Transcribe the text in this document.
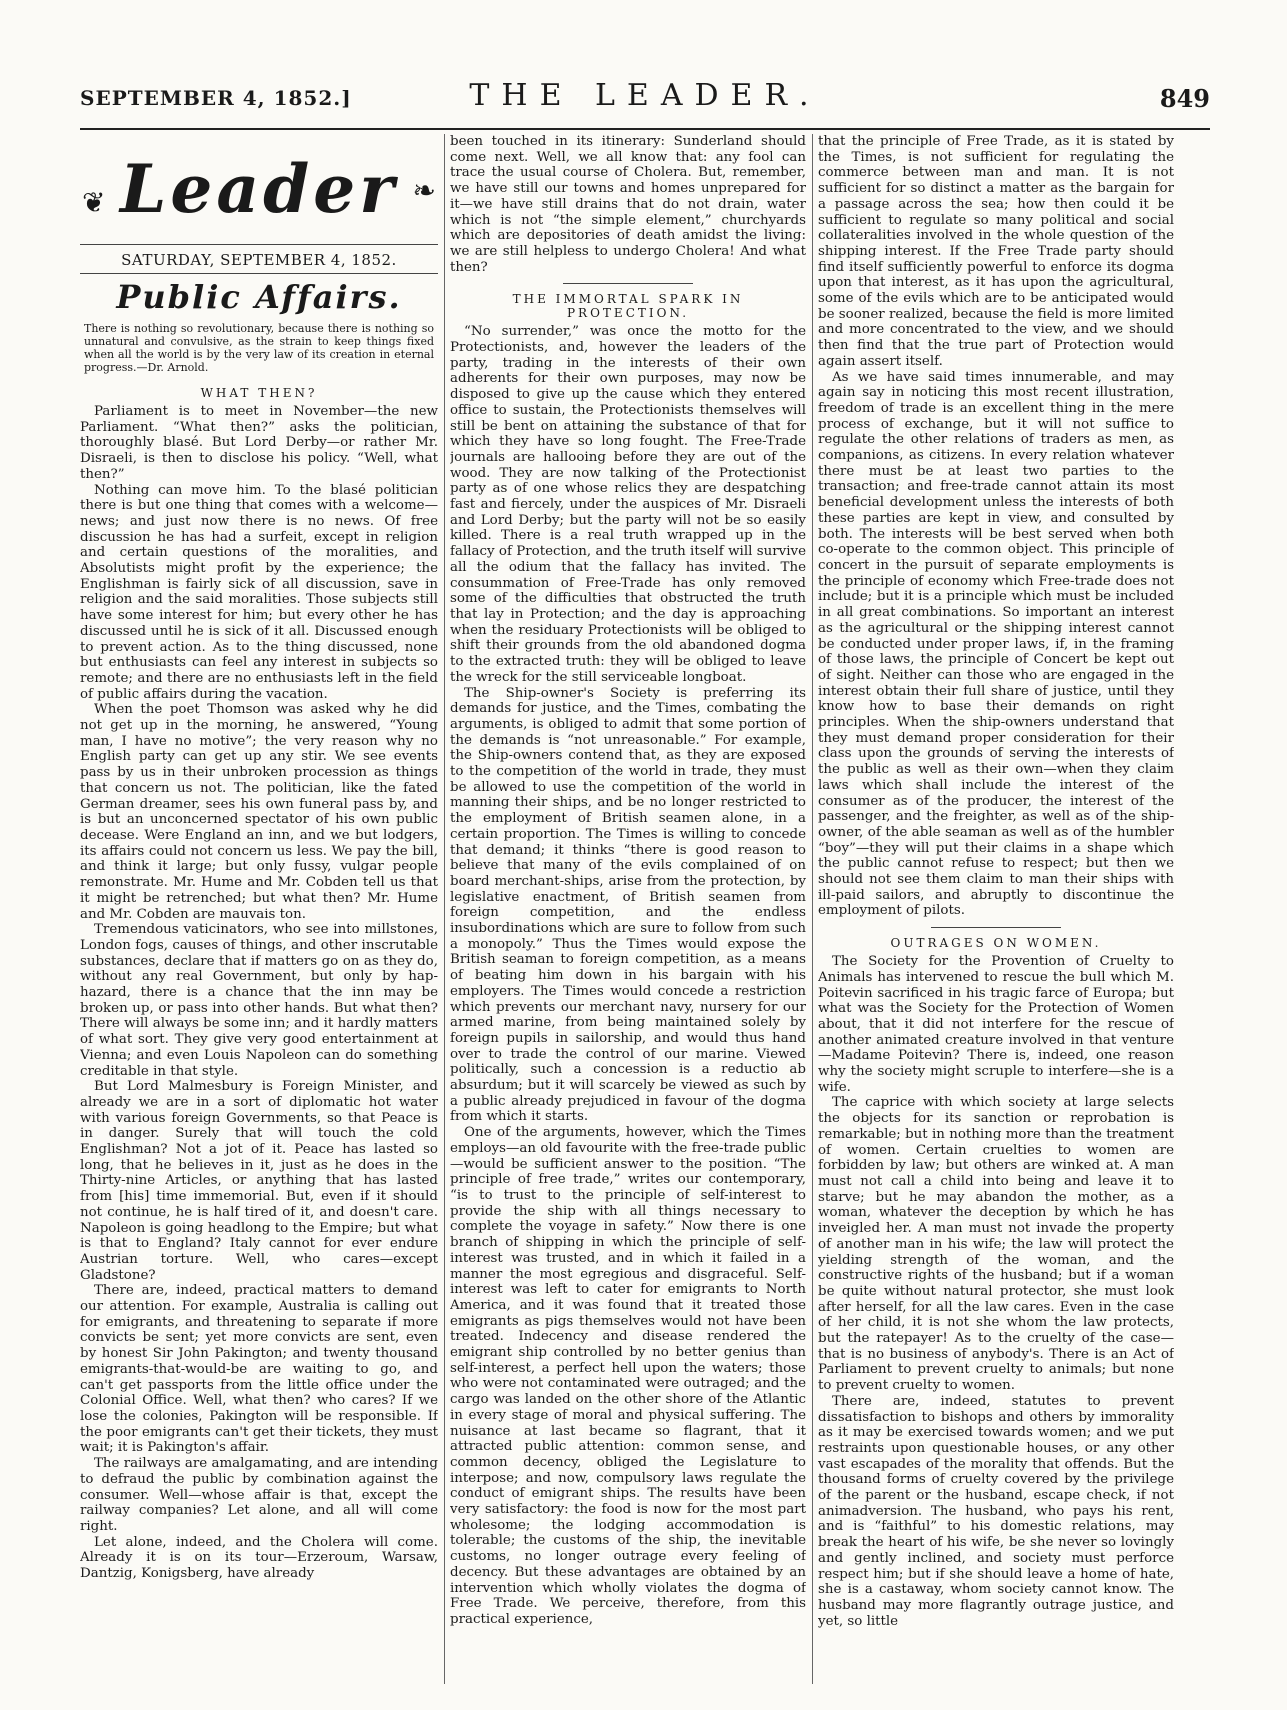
SEPTEMBER 4, 1852.]	THE LEADER.	849
❦ Leader ❧
SATURDAY, SEPTEMBER 4, 1852.
Public Affairs.
There is nothing so revolutionary, because there is nothing so unnatural and convulsive, as the strain to keep things fixed when all the world is by the very law of its creation in eternal progress.—Dr. Arnold.
WHAT THEN?

Parliament is to meet in November—the new Parliament. “What then?” asks the politician, thoroughly blasé. But Lord Derby—or rather Mr. Disraeli, is then to disclose his policy. “Well, what then?”

Nothing can move him. To the blasé politician there is but one thing that comes with a welcome—news; and just now there is no news. Of free discussion he has had a surfeit, except in religion and certain questions of the moralities, and Absolutists might profit by the experience; the Englishman is fairly sick of all discussion, save in religion and the said moralities. Those subjects still have some interest for him; but every other he has discussed until he is sick of it all. Discussed enough to prevent action. As to the thing discussed, none but enthusiasts can feel any interest in subjects so remote; and there are no enthusiasts left in the field of public affairs during the vacation.

When the poet Thomson was asked why he did not get up in the morning, he answered, “Young man, I have no motive”; the very reason why no English party can get up any stir. We see events pass by us in their unbroken procession as things that concern us not. The politician, like the fated German dreamer, sees his own funeral pass by, and is but an unconcerned spectator of his own public decease. Were England an inn, and we but lodgers, its affairs could not concern us less. We pay the bill, and think it large; but only fussy, vulgar people remonstrate. Mr. Hume and Mr. Cobden tell us that it might be retrenched; but what then? Mr. Hume and Mr. Cobden are mauvais ton.

Tremendous vaticinators, who see into millstones, London fogs, causes of things, and other inscrutable substances, declare that if matters go on as they do, without any real Government, but only by hap-hazard, there is a chance that the inn may be broken up, or pass into other hands. But what then? There will always be some inn; and it hardly matters of what sort. They give very good entertainment at Vienna; and even Louis Napoleon can do something creditable in that style.

But Lord Malmesbury is Foreign Minister, and already we are in a sort of diplomatic hot water with various foreign Governments, so that Peace is in danger. Surely that will touch the cold Englishman? Not a jot of it. Peace has lasted so long, that he believes in it, just as he does in the Thirty-nine Articles, or anything that has lasted from [his] time immemorial. But, even if it should not continue, he is half tired of it, and doesn't care. Napoleon is going headlong to the Empire; but what is that to England? Italy cannot for ever endure Austrian torture. Well, who cares—except Gladstone?

There are, indeed, practical matters to demand our attention. For example, Australia is calling out for emigrants, and threatening to separate if more convicts be sent; yet more convicts are sent, even by honest Sir John Pakington; and twenty thousand emigrants-that-would-be are waiting to go, and can't get passports from the little office under the Colonial Office. Well, what then? who cares? If we lose the colonies, Pakington will be responsible. If the poor emigrants can't get their tickets, they must wait; it is Pakington's affair.

The railways are amalgamating, and are intending to defraud the public by combination against the consumer. Well—whose affair is that, except the railway companies? Let alone, and all will come right.

Let alone, indeed, and the Cholera will come. Already it is on its tour—Erzeroum, Warsaw, Dantzig, Konigsberg, have already

been touched in its itinerary: Sunderland should come next. Well, we all know that: any fool can trace the usual course of Cholera. But, remember, we have still our towns and homes unprepared for it—we have still drains that do not drain, water which is not “the simple element,” churchyards which are depositories of death amidst the living: we are still helpless to undergo Cholera! And what then?

THE IMMORTAL SPARK IN PROTECTION.

“No surrender,” was once the motto for the Protectionists, and, however the leaders of the party, trading in the interests of their own adherents for their own purposes, may now be disposed to give up the cause which they entered office to sustain, the Protectionists themselves will still be bent on attaining the substance of that for which they have so long fought. The Free-Trade journals are hallooing before they are out of the wood. They are now talking of the Protectionist party as of one whose relics they are despatching fast and fiercely, under the auspices of Mr. Disraeli and Lord Derby; but the party will not be so easily killed. There is a real truth wrapped up in the fallacy of Protection, and the truth itself will survive all the odium that the fallacy has invited. The consummation of Free-Trade has only removed some of the difficulties that obstructed the truth that lay in Protection; and the day is approaching when the residuary Protectionists will be obliged to shift their grounds from the old abandoned dogma to the extracted truth: they will be obliged to leave the wreck for the still serviceable longboat.

The Ship-owner's Society is preferring its demands for justice, and the Times, combating the arguments, is obliged to admit that some portion of the demands is “not unreasonable.” For example, the Ship-owners contend that, as they are exposed to the competition of the world in trade, they must be allowed to use the competition of the world in manning their ships, and be no longer restricted to the employment of British seamen alone, in a certain proportion. The Times is willing to concede that demand; it thinks “there is good reason to believe that many of the evils complained of on board merchant-ships, arise from the protection, by legislative enactment, of British seamen from foreign competition, and the endless insubordinations which are sure to follow from such a monopoly.” Thus the Times would expose the British seaman to foreign competition, as a means of beating him down in his bargain with his employers. The Times would concede a restriction which prevents our merchant navy, nursery for our armed marine, from being maintained solely by foreign pupils in sailorship, and would thus hand over to trade the control of our marine. Viewed politically, such a concession is a reductio ab absurdum; but it will scarcely be viewed as such by a public already prejudiced in favour of the dogma from which it starts.

One of the arguments, however, which the Times employs—an old favourite with the free-trade public—would be sufficient answer to the position. “The principle of free trade,” writes our contemporary, “is to trust to the principle of self-interest to provide the ship with all things necessary to complete the voyage in safety.” Now there is one branch of shipping in which the principle of self-interest was trusted, and in which it failed in a manner the most egregious and disgraceful. Self-interest was left to cater for emigrants to North America, and it was found that it treated those emigrants as pigs themselves would not have been treated. Indecency and disease rendered the emigrant ship controlled by no better genius than self-interest, a perfect hell upon the waters; those who were not contaminated were outraged; and the cargo was landed on the other shore of the Atlantic in every stage of moral and physical suffering. The nuisance at last became so flagrant, that it attracted public attention: common sense, and common decency, obliged the Legislature to interpose; and now, compulsory laws regulate the conduct of emigrant ships. The results have been very satisfactory: the food is now for the most part wholesome; the lodging accommodation is tolerable; the customs of the ship, the inevitable customs, no longer outrage every feeling of decency. But these advantages are obtained by an intervention which wholly violates the dogma of Free Trade. We perceive, therefore, from this practical experience,

that the principle of Free Trade, as it is stated by the Times, is not sufficient for regulating the commerce between man and man. It is not sufficient for so distinct a matter as the bargain for a passage across the sea; how then could it be sufficient to regulate so many political and social collateralities involved in the whole question of the shipping interest. If the Free Trade party should find itself sufficiently powerful to enforce its dogma upon that interest, as it has upon the agricultural, some of the evils which are to be anticipated would be sooner realized, because the field is more limited and more concentrated to the view, and we should then find that the true part of Protection would again assert itself.

As we have said times innumerable, and may again say in noticing this most recent illustration, freedom of trade is an excellent thing in the mere process of exchange, but it will not suffice to regulate the other relations of traders as men, as companions, as citizens. In every relation whatever there must be at least two parties to the transaction; and free-trade cannot attain its most beneficial development unless the interests of both these parties are kept in view, and consulted by both. The interests will be best served when both co-operate to the common object. This principle of concert in the pursuit of separate employments is the principle of economy which Free-trade does not include; but it is a principle which must be included in all great combinations. So important an interest as the agricultural or the shipping interest cannot be conducted under proper laws, if, in the framing of those laws, the principle of Concert be kept out of sight. Neither can those who are engaged in the interest obtain their full share of justice, until they know how to base their demands on right principles. When the ship-owners understand that they must demand proper consideration for their class upon the grounds of serving the interests of the public as well as their own—when they claim laws which shall include the interest of the consumer as of the producer, the interest of the passenger, and the freighter, as well as of the ship-owner, of the able seaman as well as of the humbler “boy”—they will put their claims in a shape which the public cannot refuse to respect; but then we should not see them claim to man their ships with ill-paid sailors, and abruptly to discontinue the employment of pilots.

OUTRAGES ON WOMEN.

The Society for the Provention of Cruelty to Animals has intervened to rescue the bull which M. Poitevin sacrificed in his tragic farce of Europa; but what was the Society for the Protection of Women about, that it did not interfere for the rescue of another animated creature involved in that venture—Madame Poitevin? There is, indeed, one reason why the society might scruple to interfere—she is a wife.

The caprice with which society at large selects the objects for its sanction or reprobation is remarkable; but in nothing more than the treatment of women. Certain cruelties to women are forbidden by law; but others are winked at. A man must not call a child into being and leave it to starve; but he may abandon the mother, as a woman, whatever the deception by which he has inveigled her. A man must not invade the property of another man in his wife; the law will protect the yielding strength of the woman, and the constructive rights of the husband; but if a woman be quite without natural protector, she must look after herself, for all the law cares. Even in the case of her child, it is not she whom the law protects, but the ratepayer! As to the cruelty of the case—that is no business of anybody's. There is an Act of Parliament to prevent cruelty to animals; but none to prevent cruelty to women.

There are, indeed, statutes to prevent dissatisfaction to bishops and others by immorality as it may be exercised towards women; and we put restraints upon questionable houses, or any other vast escapades of the morality that offends. But the thousand forms of cruelty covered by the privilege of the parent or the husband, escape check, if not animadversion. The husband, who pays his rent, and is “faithful” to his domestic relations, may break the heart of his wife, be she never so lovingly and gently inclined, and society must perforce respect him; but if she should leave a home of hate, she is a castaway, whom society cannot know. The husband may more flagrantly outrage justice, and yet, so little
